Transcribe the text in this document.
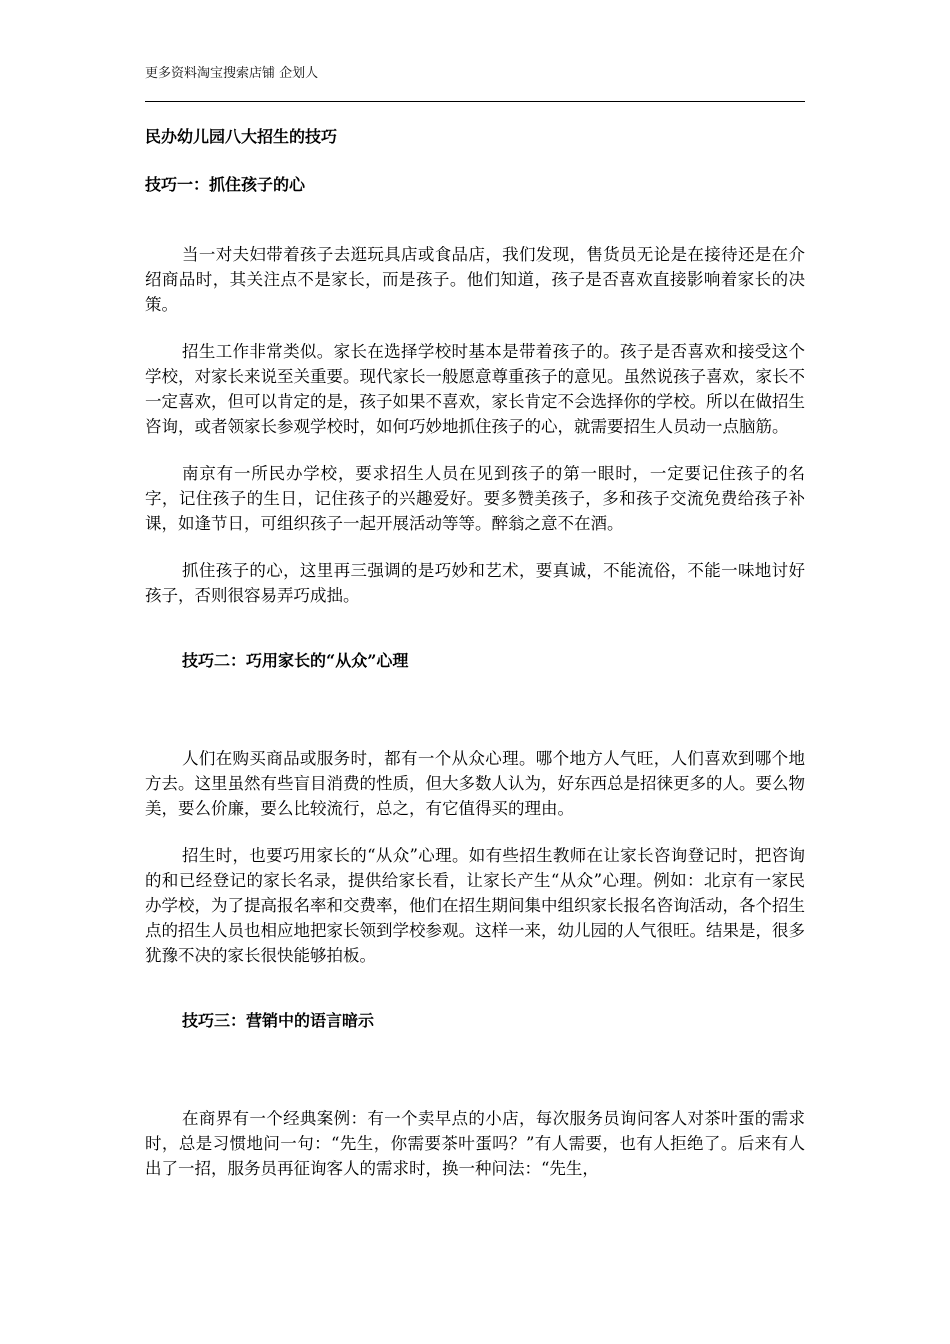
更多资料淘宝搜索店铺 企划人
民办幼儿园八大招生的技巧
技巧一：抓住孩子的心

当一对夫妇带着孩子去逛玩具店或食品店，我们发现，售货员无论是在接待还是在介绍商品时，其关注点不是家长，而是孩子。他们知道，孩子是否喜欢直接影响着家长的决策。

招生工作非常类似。家长在选择学校时基本是带着孩子的。孩子是否喜欢和接受这个学校，对家长来说至关重要。现代家长一般愿意尊重孩子的意见。虽然说孩子喜欢，家长不一定喜欢，但可以肯定的是，孩子如果不喜欢，家长肯定不会选择你的学校。所以在做招生咨询，或者领家长参观学校时，如何巧妙地抓住孩子的心，就需要招生人员动一点脑筋。

南京有一所民办学校，要求招生人员在见到孩子的第一眼时，一定要记住孩子的名字，记住孩子的生日，记住孩子的兴趣爱好。要多赞美孩子，多和孩子交流免费给孩子补课，如逢节日，可组织孩子一起开展活动等等。醉翁之意不在酒。

抓住孩子的心，这里再三强调的是巧妙和艺术，要真诚，不能流俗，不能一味地讨好孩子，否则很容易弄巧成拙。

技巧二：巧用家长的“从众”心理

人们在购买商品或服务时，都有一个从众心理。哪个地方人气旺，人们喜欢到哪个地方去。这里虽然有些盲目消费的性质，但大多数人认为，好东西总是招徕更多的人。要么物美，要么价廉，要么比较流行，总之，有它值得买的理由。

招生时，也要巧用家长的“从众”心理。如有些招生教师在让家长咨询登记时，把咨询的和已经登记的家长名录，提供给家长看，让家长产生“从众”心理。例如：北京有一家民办学校，为了提高报名率和交费率，他们在招生期间集中组织家长报名咨询活动，各个招生点的招生人员也相应地把家长领到学校参观。这样一来，幼儿园的人气很旺。结果是，很多犹豫不决的家长很快能够拍板。

技巧三：营销中的语言暗示

在商界有一个经典案例：有一个卖早点的小店，每次服务员询问客人对茶叶蛋的需求时，总是习惯地问一句：“先生，你需要茶叶蛋吗？”有人需要，也有人拒绝了。后来有人出了一招，服务员再征询客人的需求时，换一种问法：“先生，
